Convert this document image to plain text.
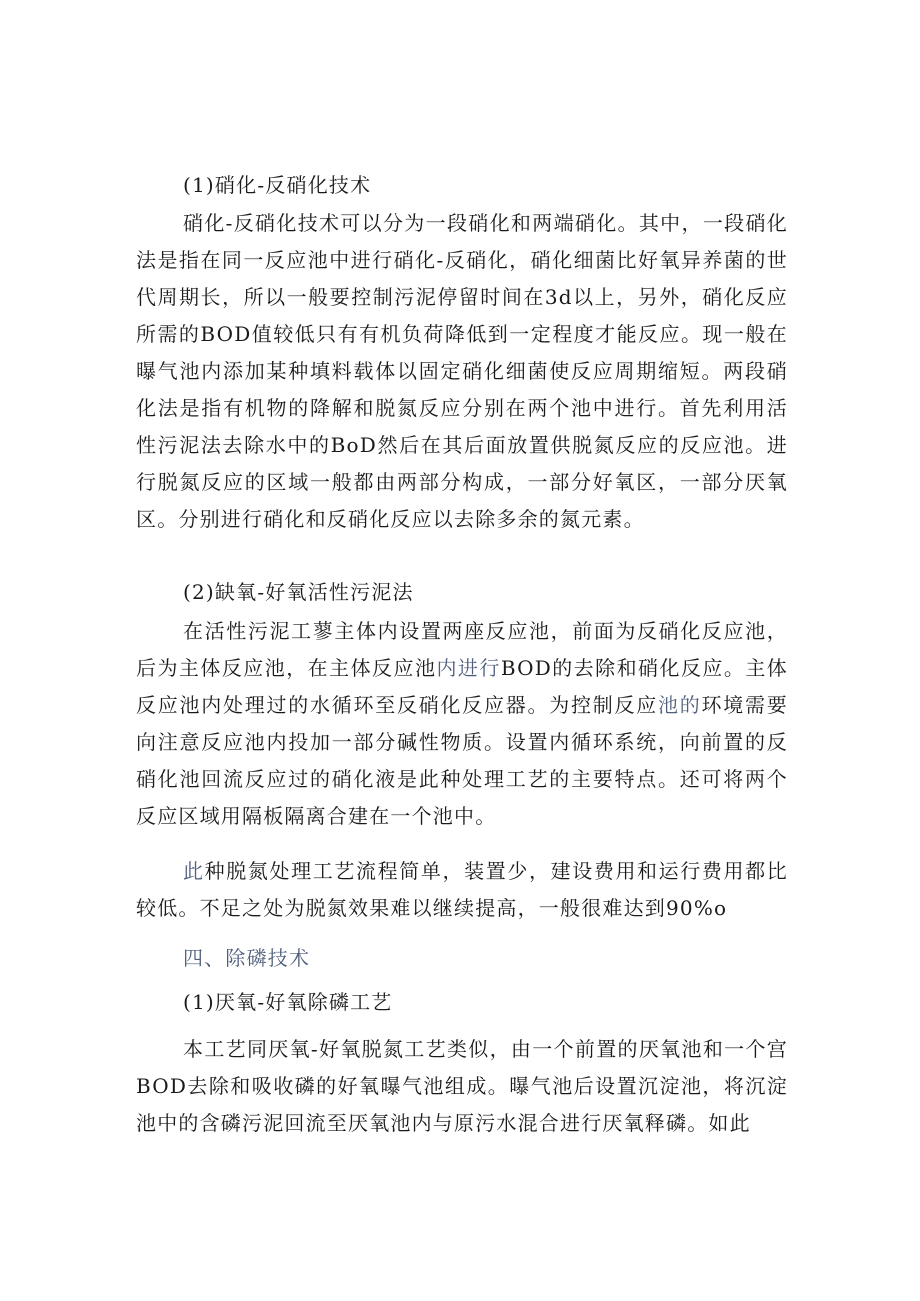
(1)硝化-反硝化技术

硝化-反硝化技术可以分为一段硝化和两端硝化。其中，一段硝化法是指在同一反应池中进行硝化-反硝化，硝化细菌比好氧异养菌的世代周期长，所以一般要控制污泥停留时间在3d以上，另外，硝化反应所需的BOD值较低只有有机负荷降低到一定程度才能反应。现一般在曝气池内添加某种填料载体以固定硝化细菌使反应周期缩短。两段硝化法是指有机物的降解和脱氮反应分别在两个池中进行。首先利用活性污泥法去除水中的BoD然后在其后面放置供脱氮反应的反应池。进行脱氮反应的区域一般都由两部分构成，一部分好氧区，一部分厌氧区。分别进行硝化和反硝化反应以去除多余的氮元素。

(2)缺氧-好氧活性污泥法

在活性污泥工蓼主体内设置两座反应池，前面为反硝化反应池，后为主体反应池，在主体反应池内进行BOD的去除和硝化反应。主体反应池内处理过的水循环至反硝化反应器。为控制反应池的环境需要向注意反应池内投加一部分碱性物质。设置内循环系统，向前置的反硝化池回流反应过的硝化液是此种处理工艺的主要特点。还可将两个反应区域用隔板隔离合建在一个池中。

此种脱氮处理工艺流程简单，装置少，建设费用和运行费用都比较低。不足之处为脱氮效果难以继续提高，一般很难达到90%o

四、除磷技术
(1)厌氧-好氧除磷工艺

本工艺同厌氧-好氧脱氮工艺类似，由一个前置的厌氧池和一个宫BOD去除和吸收磷的好氧曝气池组成。曝气池后设置沉淀池，将沉淀池中的含磷污泥回流至厌氧池内与原污水混合进行厌氧释磷。如此
